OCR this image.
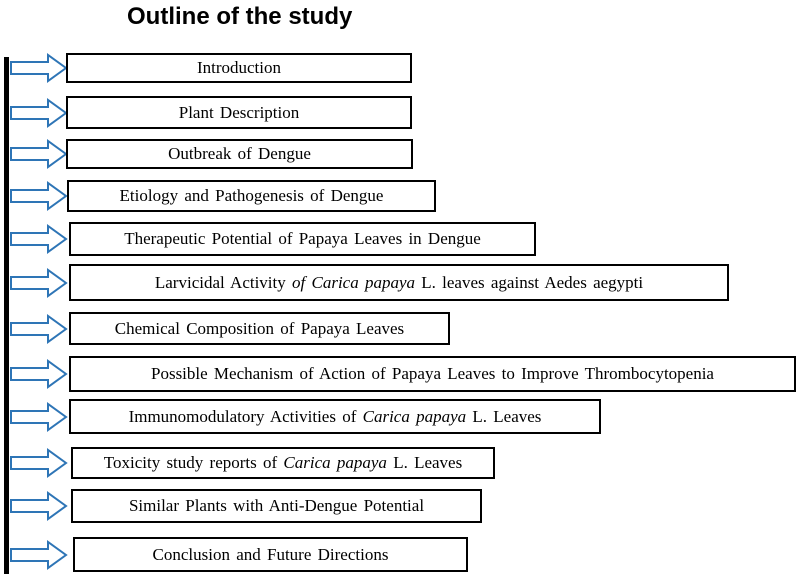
Outline of the study
Introduction
Plant Description
Outbreak of Dengue
Etiology and Pathogenesis of Dengue
Therapeutic Potential of Papaya Leaves in Dengue
Larvicidal Activity of Carica papaya L. leaves against Aedes aegypti
Chemical Composition of Papaya Leaves
Possible Mechanism of Action of Papaya Leaves to Improve Thrombocytopenia
Immunomodulatory Activities of Carica papaya L. Leaves
Toxicity study reports of Carica papaya L. Leaves
Similar Plants with Anti-Dengue Potential
Conclusion and Future Directions
